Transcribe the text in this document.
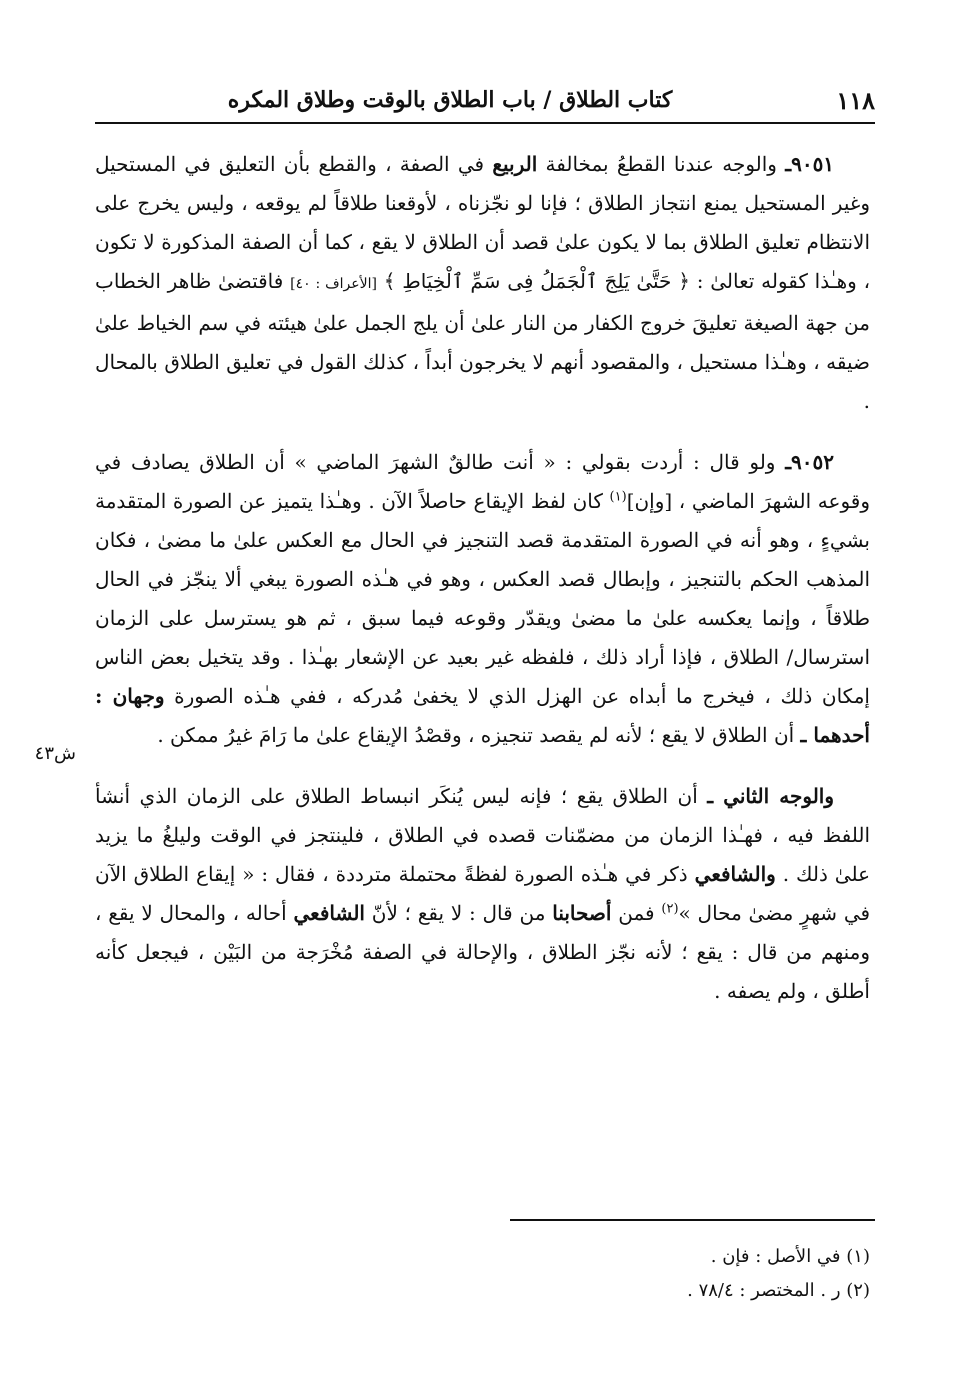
١١٨
كتاب الطلاق / باب الطلاق بالوقت وطلاق المكره
ش٤٣

٩٠٥١ـ والوجه عندنا القطعُ بمخالفة الربيع في الصفة ، والقطع بأن التعليق في المستحيل وغير المستحيل يمنع انتجاز الطلاق ؛ فإنا لو نجّزناه ، لأوقعنا طلاقاً لم يوقعه ، وليس يخرج على الانتظام تعليق الطلاق بما لا يكون علىٰ قصد أن الطلاق لا يقع ، كما أن الصفة المذكورة لا تكون ، وهـٰذا كقوله تعالىٰ : ﴿ حَتَّىٰ يَلِجَ ٱلْجَمَلُ فِى سَمِّ ٱلْخِيَاطِ ﴾ [الأعراف : ٤٠] فاقتضىٰ ظاهر الخطاب من جهة الصيغة تعليقَ خروج الكفار من النار علىٰ أن يلج الجمل علىٰ هيئته في سم الخياط علىٰ ضيقه ، وهـٰذا مستحيل ، والمقصود أنهم لا يخرجون أبداً ، كذلك القول في تعليق الطلاق بالمحال .

٩٠٥٢ـ ولو قال : أردت بقولي : « أنت طالقٌ الشهرَ الماضي » أن الطلاق يصادف في وقوعه الشهرَ الماضي ، [وإن]$^{(١)}$ كان لفظ الإيقاع حاصلاً الآن . وهـٰذا يتميز عن الصورة المتقدمة بشيءٍ ، وهو أنه في الصورة المتقدمة قصد التنجيز في الحال مع العكس علىٰ ما مضىٰ ، فكان المذهب الحكم بالتنجيز ، وإبطال قصد العكس ، وهو في هـٰذه الصورة يبغي ألا ينجّز في الحال طلاقاً ، وإنما يعكسه علىٰ ما مضىٰ ويقدّر وقوعه فيما سبق ، ثم هو يسترسل على الزمان استرسال/ الطلاق ، فإذا أراد ذلك ، فلفظه غير بعيد عن الإشعار بهـٰذا . وقد يتخيل بعض الناس إمكان ذلك ، فيخرج ما أبداه عن الهزل الذي لا يخفىٰ مُدركه ، ففي هـٰذه الصورة وجهان : أحدهما ـ أن الطلاق لا يقع ؛ لأنه لم يقصد تنجيزه ، وقصْدُ الإيقاع علىٰ ما رَامَ غيرُ ممكن .

والوجه الثاني ـ أن الطلاق يقع ؛ فإنه ليس يُنكَر انبساط الطلاق على الزمان الذي أنشأ اللفظ فيه ، فهـٰذا الزمان من مضمّنات قصده في الطلاق ، فلينتجز في الوقت وليلغُ ما يزيد علىٰ ذلك . والشافعي ذكر في هـٰذه الصورة لفظةً محتملة مترددة ، فقال : « إيقاع الطلاق الآن في شهرٍ مضىٰ محال »$^{(٢)}$ فمن أصحابنا من قال : لا يقع ؛ لأنّ الشافعي أحاله ، والمحال لا يقع ، ومنهم من قال : يقع ؛ لأنه نجّز الطلاق ، والإحالة في الصفة مُخْرَجة من البَيْن ، فيجعل كأنه أطلق ، ولم يصفه .

(١) في الأصل : فإن .

(٢) ر . المختصر : ٧٨/٤ .
